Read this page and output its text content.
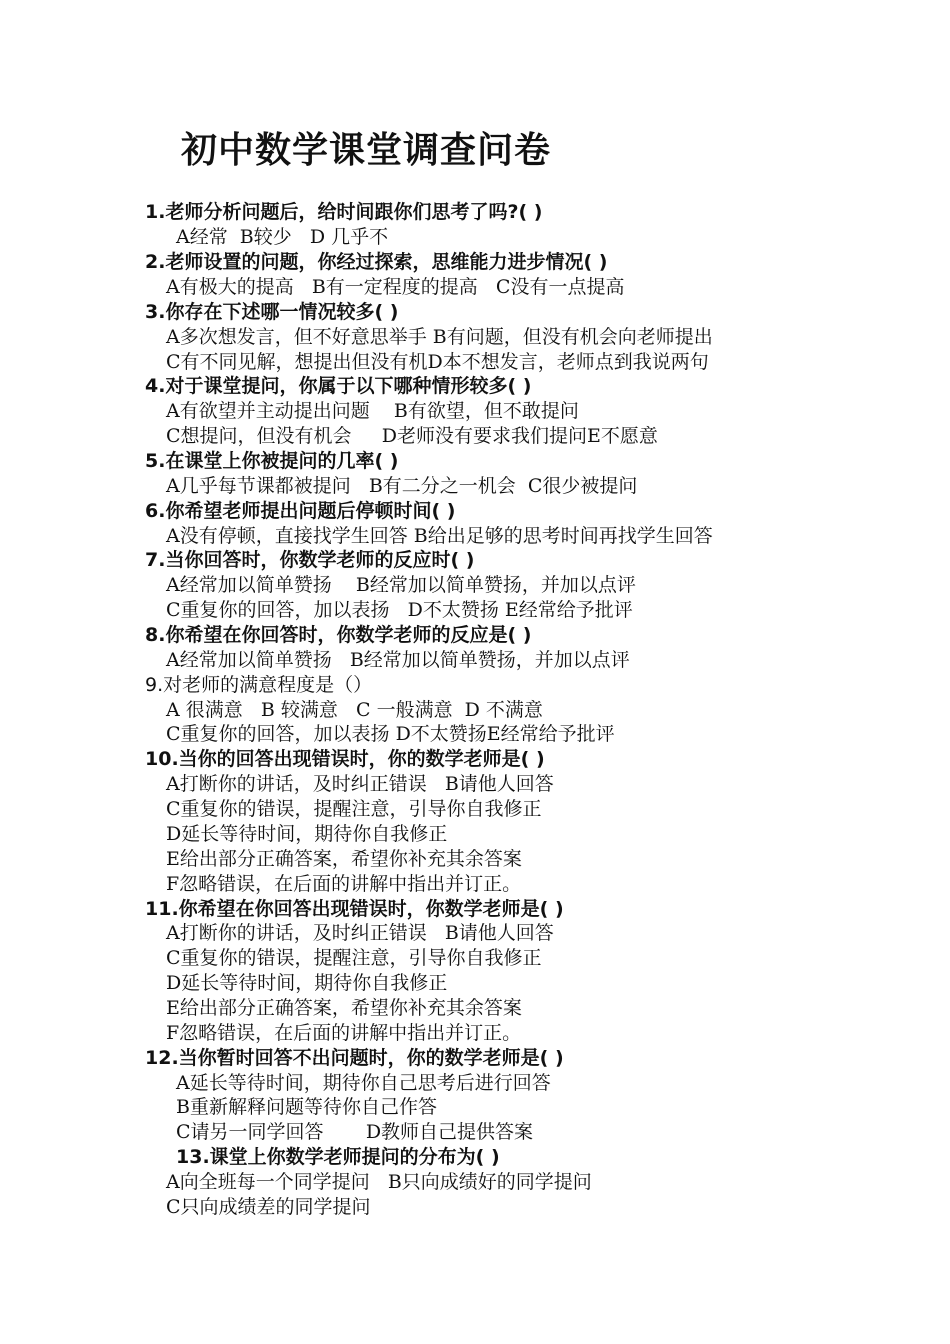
初中数学课堂调查问卷
1.老师分析问题后，给时间跟你们思考了吗?( )
A经常  B较少   D 几乎不
2.老师设置的问题，你经过探索，思维能力进步情况( )
A有极大的提高   B有一定程度的提高   C没有一点提高
3.你存在下述哪一情况较多( )
A多次想发言，但不好意思举手 B有问题，但没有机会向老师提出
C有不同见解，想提出但没有机D本不想发言，老师点到我说两句
4.对于课堂提问，你属于以下哪种情形较多( )
A有欲望并主动提出问题    B有欲望，但不敢提问
C想提问，但没有机会     D老师没有要求我们提问E不愿意
5.在课堂上你被提问的几率( )
A几乎每节课都被提问   B有二分之一机会  C很少被提问
6.你希望老师提出问题后停顿时间( )
A没有停顿，直接找学生回答 B给出足够的思考时间再找学生回答
7.当你回答时，你数学老师的反应时( )
A经常加以简单赞扬    B经常加以简单赞扬，并加以点评
C重复你的回答，加以表扬   D不太赞扬 E经常给予批评
8.你希望在你回答时，你数学老师的反应是( )
A经常加以简单赞扬   B经常加以简单赞扬，并加以点评
9.对老师的满意程度是（）
A 很满意   B 较满意   C 一般满意  D 不满意
C重复你的回答，加以表扬 D不太赞扬E经常给予批评
10.当你的回答出现错误时，你的数学老师是( )
A打断你的讲话，及时纠正错误   B请他人回答
C重复你的错误，提醒注意，引导你自我修正
D延长等待时间，期待你自我修正
E给出部分正确答案，希望你补充其余答案
F忽略错误，在后面的讲解中指出并订正。
11.你希望在你回答出现错误时，你数学老师是( )
A打断你的讲话，及时纠正错误   B请他人回答
C重复你的错误，提醒注意，引导你自我修正
D延长等待时间，期待你自我修正
E给出部分正确答案，希望你补充其余答案
F忽略错误，在后面的讲解中指出并订正。
12.当你暂时回答不出问题时，你的数学老师是( )
A延长等待时间，期待你自己思考后进行回答
B重新解释问题等待你自己作答
C请另一同学回答       D教师自己提供答案
13.课堂上你数学老师提问的分布为( )
A向全班每一个同学提问   B只向成绩好的同学提问
C只向成绩差的同学提问
